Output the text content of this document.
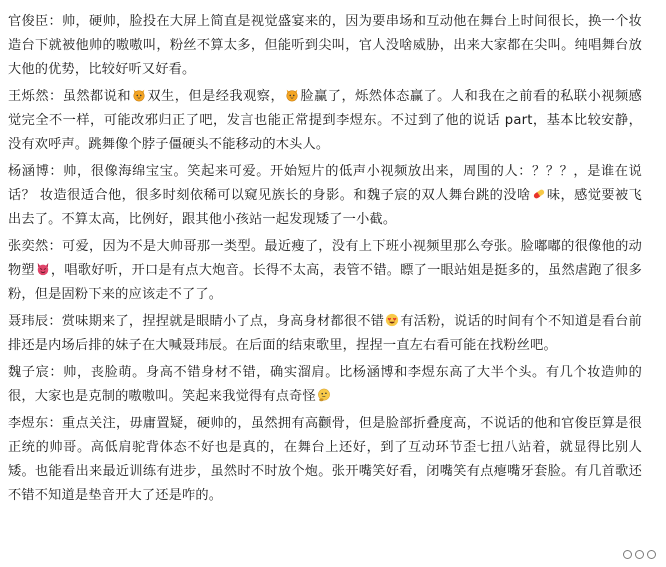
官俊臣：帅，硬帅，脸投在大屏上简直是视觉盛宴来的，因为要串场和互动他在舞台上时间很长，换一个妆造台下就被他帅的嗷嗷叫，粉丝不算太多，但能听到尖叫，官人没啥威胁，出来大家都在尖叫。纯唱舞台放大他的优势，比较好听又好看。

王烁然：虽然都说和 双生，但是经我观察， 脸赢了，烁然体态赢了。人和我在之前看的私联小视频感觉完全不一样，可能改邪归正了吧，发言也能正常提到李煜东。不过到了他的说话 part，基本比较安静，没有欢呼声。跳舞像个脖子僵硬头不能移动的木头人。

杨涵博：帅，很像海绵宝宝。笑起来可爱。开始短片的低声小视频放出来，周围的人：？？？，是谁在说话？ 妆造很适合他，很多时刻依稀可以窥见族长的身影。和魏子宸的双人舞台跳的没啥 味，感觉要被飞出去了。不算太高，比例好，跟其他小孩站一起发现矮了一小截。

张奕然：可爱，因为不是大帅哥那一类型。最近瘦了，没有上下班小视频里那么夸张。脸嘟嘟的很像他的动物塑 ，唱歌好听，开口是有点大炮音。长得不太高，表管不错。瞟了一眼站姐是挺多的，虽然虐跑了很多粉，但是固粉下来的应该走不了了。

聂玮辰：赏味期来了，捏捏就是眼睛小了点，身高身材都很不错 有活粉，说话的时间有个不知道是看台前排还是内场后排的妹子在大喊聂玮辰。在后面的结束歌里，捏捏一直左右看可能在找粉丝吧。

魏子宸：帅，丧脸萌。身高不错身材不错，确实溜肩。比杨涵博和李煜东高了大半个头。有几个妆造帅的很，大家也是克制的嗷嗷叫。笑起来我觉得有点奇怪

李煜东：重点关注，毋庸置疑，硬帅的，虽然拥有高颧骨，但是脸部折叠度高，不说话的他和官俊臣算是很正统的帅哥。高低肩驼背体态不好也是真的，在舞台上还好，到了互动环节歪七扭八站着，就显得比别人矮。也能看出来最近训练有进步，虽然时不时放个炮。张开嘴笑好看，闭嘴笑有点瘪嘴牙套脸。有几首歌还不错不知道是垫音开大了还是咋的。
